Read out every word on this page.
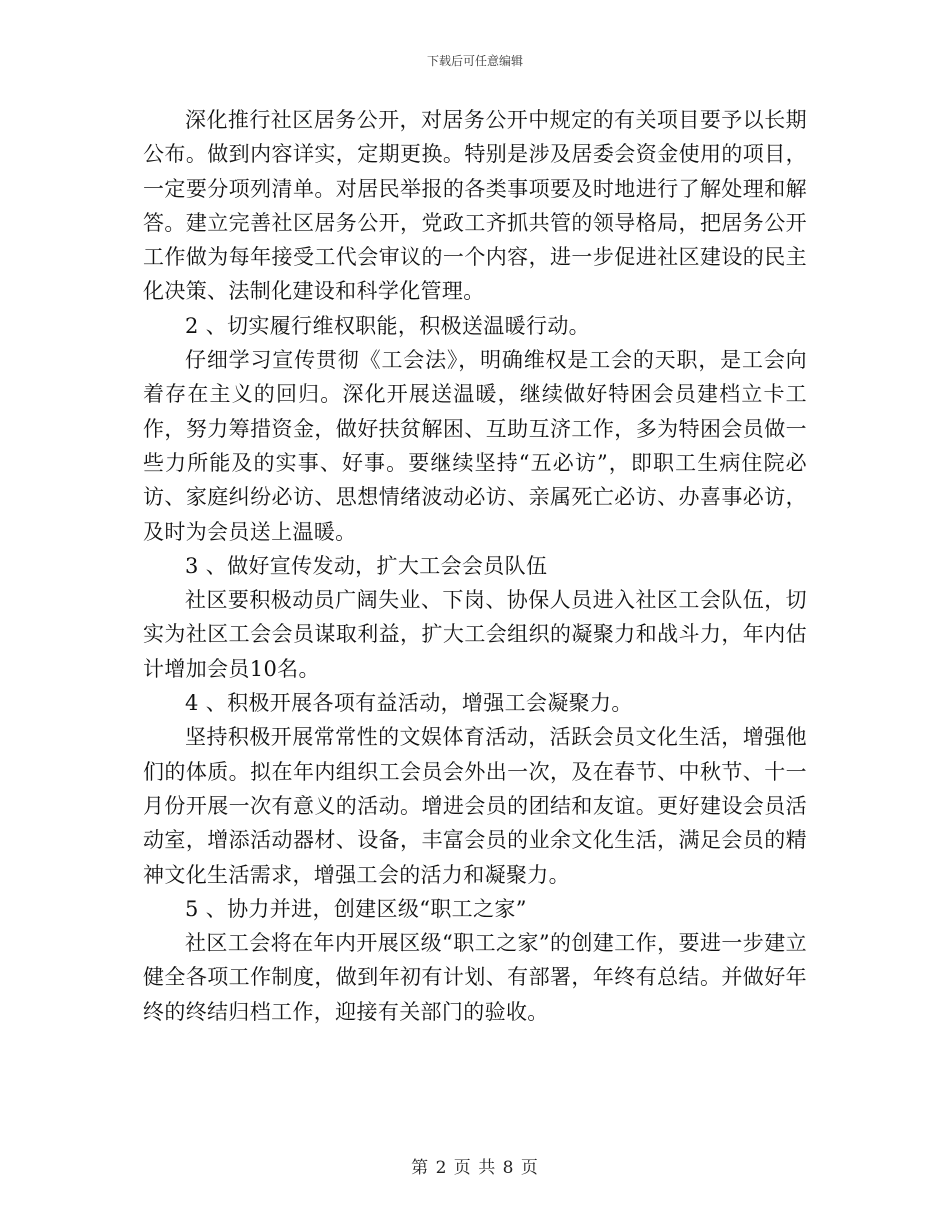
下载后可任意编辑

深化推行社区居务公开，对居务公开中规定的有关项目要予以长期公布。做到内容详实，定期更换。特别是涉及居委会资金使用的项目，一定要分项列清单。对居民举报的各类事项要及时地进行了解处理和解答。建立完善社区居务公开，党政工齐抓共管的领导格局，把居务公开工作做为每年接受工代会审议的一个内容，进一步促进社区建设的民主化决策、法制化建设和科学化管理。

2 、切实履行维权职能，积极送温暖行动。

仔细学习宣传贯彻《工会法》，明确维权是工会的天职，是工会向着存在主义的回归。深化开展送温暖，继续做好特困会员建档立卡工作，努力筹措资金，做好扶贫解困、互助互济工作，多为特困会员做一些力所能及的实事、好事。要继续坚持“五必访”，即职工生病住院必访、家庭纠纷必访、思想情绪波动必访、亲属死亡必访、办喜事必访，及时为会员送上温暖。

3 、做好宣传发动，扩大工会会员队伍

社区要积极动员广阔失业、下岗、协保人员进入社区工会队伍，切实为社区工会会员谋取利益，扩大工会组织的凝聚力和战斗力，年内估计增加会员10名。

4 、积极开展各项有益活动，增强工会凝聚力。

坚持积极开展常常性的文娱体育活动，活跃会员文化生活，增强他们的体质。拟在年内组织工会员会外出一次，及在春节、中秋节、十一月份开展一次有意义的活动。增进会员的团结和友谊。更好建设会员活动室，增添活动器材、设备，丰富会员的业余文化生活，满足会员的精神文化生活需求，增强工会的活力和凝聚力。

5 、协力并进，创建区级“职工之家”

社区工会将在年内开展区级“职工之家”的创建工作，要进一步建立健全各项工作制度，做到年初有计划、有部署，年终有总结。并做好年终的终结归档工作，迎接有关部门的验收。

第 2 页 共 8 页
